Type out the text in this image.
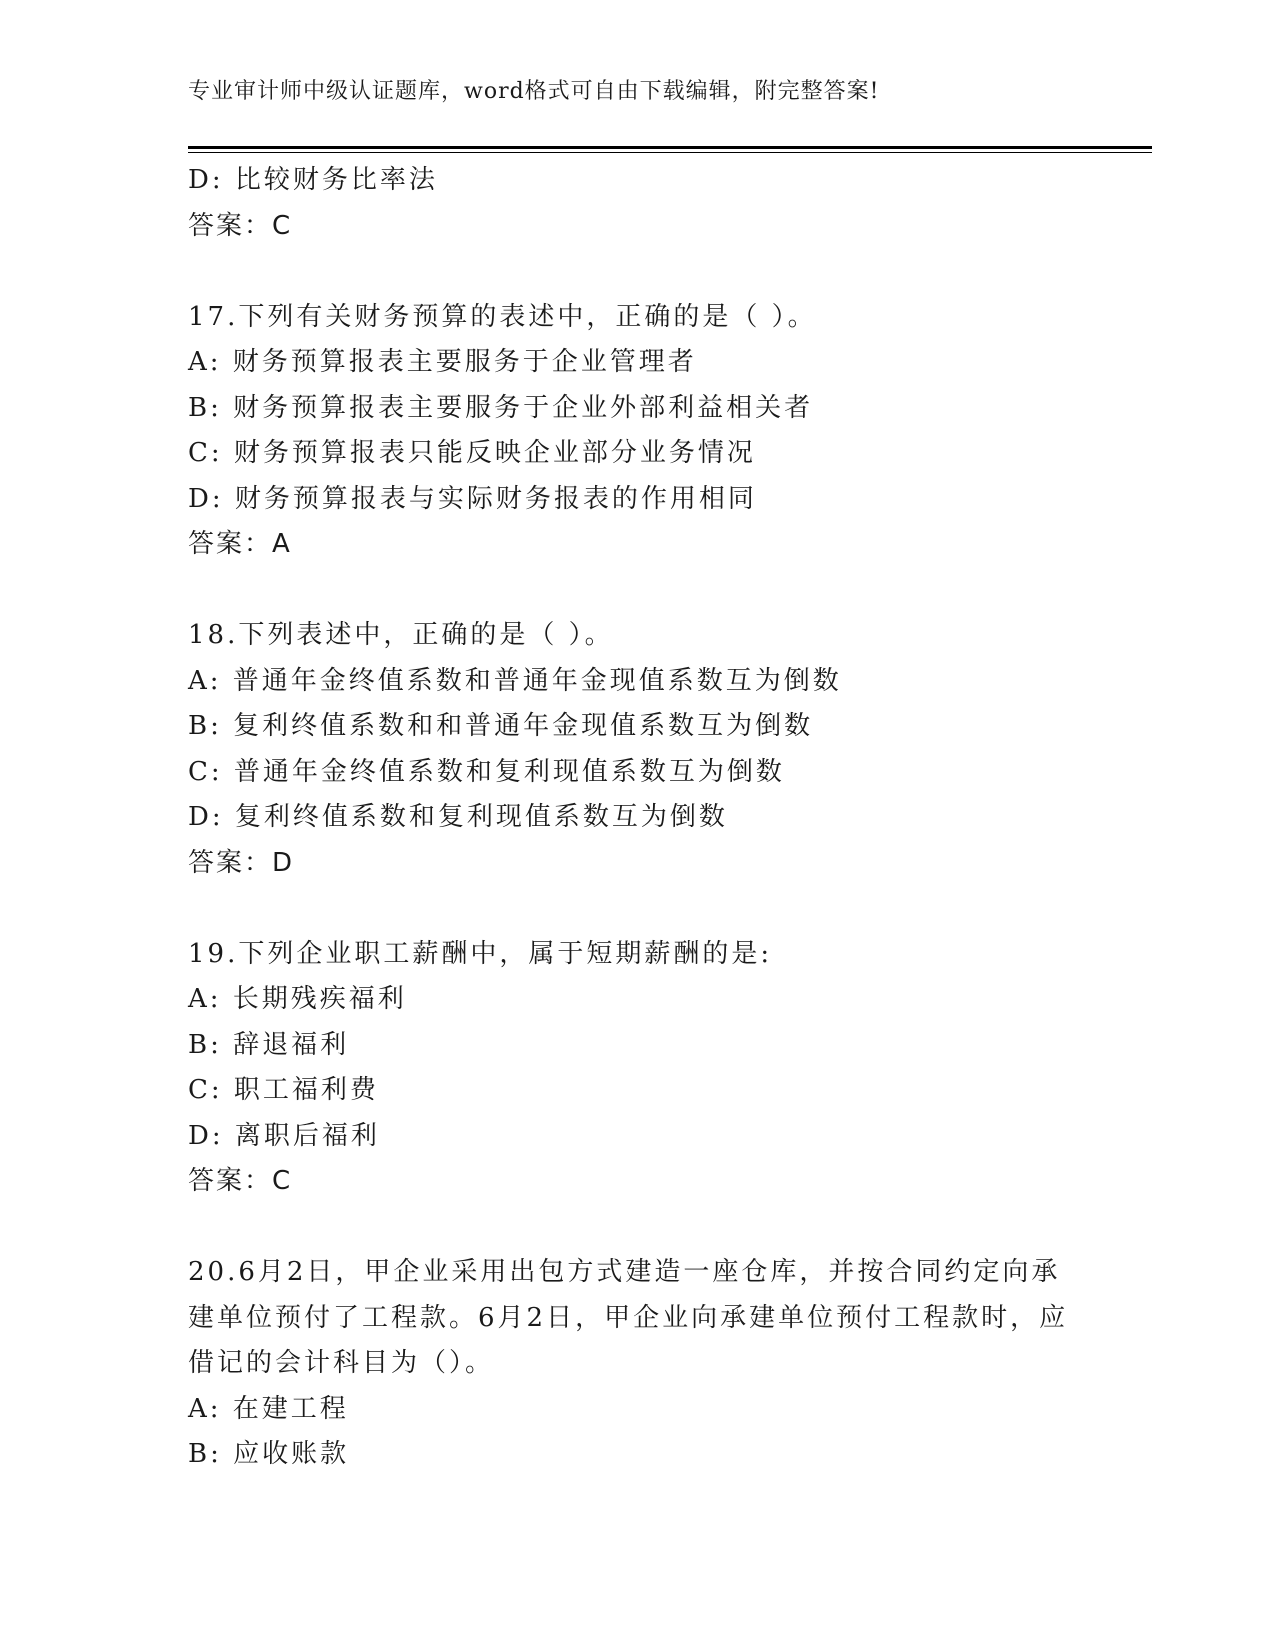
专业审计师中级认证题库，word格式可自由下载编辑，附完整答案!
D: 比较财务比率法
答案：C
17.下列有关财务预算的表述中，正确的是（ ）。
A: 财务预算报表主要服务于企业管理者
B: 财务预算报表主要服务于企业外部利益相关者
C: 财务预算报表只能反映企业部分业务情况
D: 财务预算报表与实际财务报表的作用相同
答案：A
18.下列表述中，正确的是（ ）。
A: 普通年金终值系数和普通年金现值系数互为倒数
B: 复利终值系数和和普通年金现值系数互为倒数
C: 普通年金终值系数和复利现值系数互为倒数
D: 复利终值系数和复利现值系数互为倒数
答案：D
19.下列企业职工薪酬中，属于短期薪酬的是:
A: 长期残疾福利
B: 辞退福利
C: 职工福利费
D: 离职后福利
答案：C
20.6月2日，甲企业采用出包方式建造一座仓库，并按合同约定向承
建单位预付了工程款。6月2日，甲企业向承建单位预付工程款时，应
借记的会计科目为（）。
A: 在建工程
B: 应收账款
